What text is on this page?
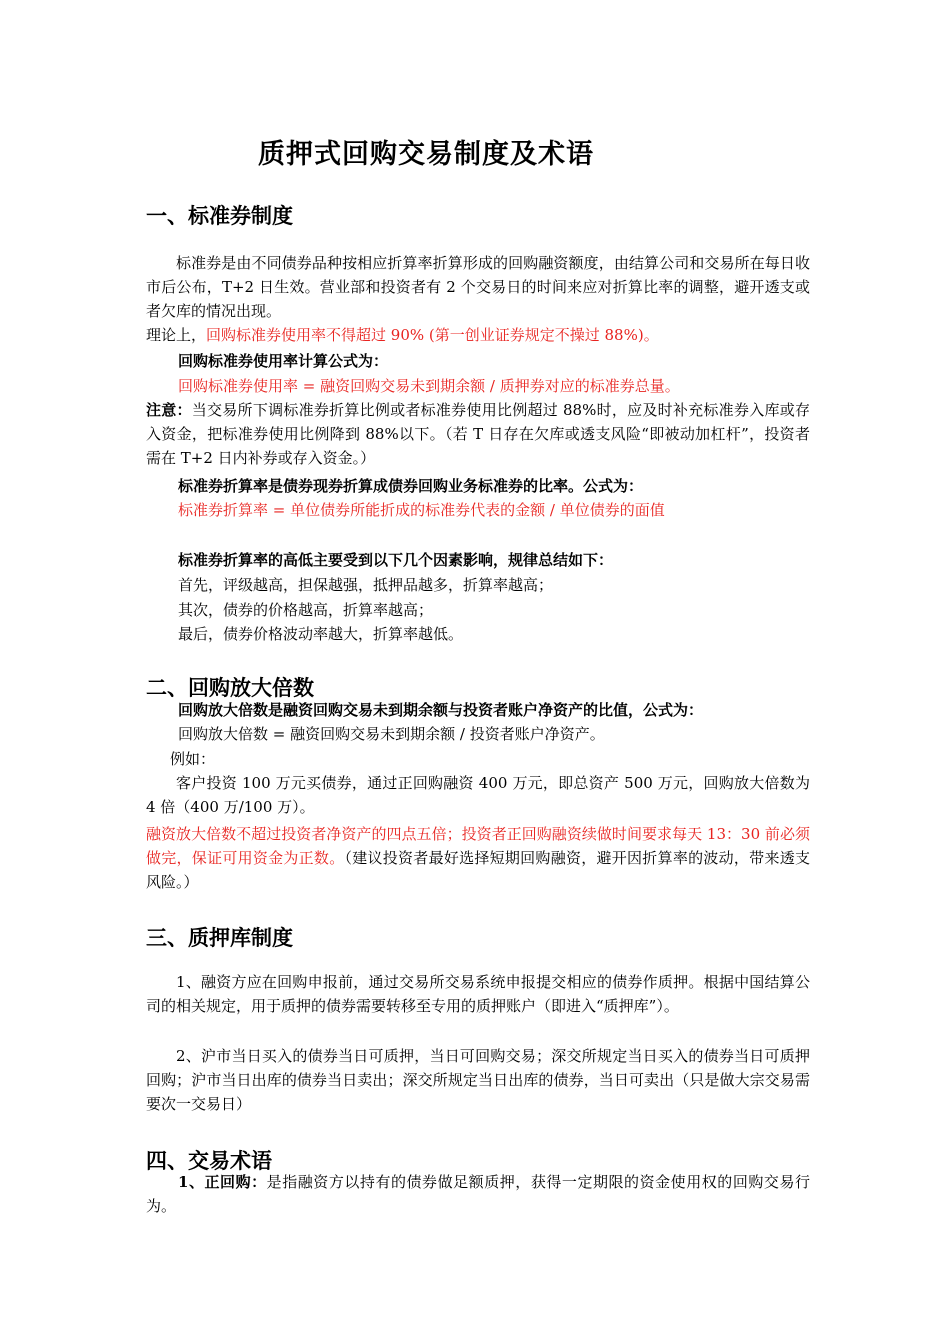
质押式回购交易制度及术语
一、标准券制度
标准券是由不同债券品种按相应折算率折算形成的回购融资额度，由结算公司和交易所在每日收市后公布，T+2 日生效。营业部和投资者有 2 个交易日的时间来应对折算比率的调整，避开透支或者欠库的情况出现。
理论上，回购标准券使用率不得超过 90% (第一创业证券规定不操过 88%)。
回购标准券使用率计算公式为：
回购标准券使用率 = 融资回购交易未到期余额 / 质押券对应的标准券总量。
注意：当交易所下调标准券折算比例或者标准券使用比例超过 88%时，应及时补充标准券入库或存入资金，把标准券使用比例降到 88%以下。（若 T 日存在欠库或透支风险“即被动加杠杆”，投资者需在 T+2 日内补券或存入资金。）
标准券折算率是债券现券折算成债券回购业务标准券的比率。公式为：
标准券折算率 = 单位债券所能折成的标准券代表的金额 / 单位债券的面值
标准券折算率的高低主要受到以下几个因素影响，规律总结如下：
首先，评级越高，担保越强，抵押品越多，折算率越高；
其次，债券的价格越高，折算率越高；
最后，债券价格波动率越大，折算率越低。
二、回购放大倍数
回购放大倍数是融资回购交易未到期余额与投资者账户净资产的比值，公式为：
回购放大倍数 = 融资回购交易未到期余额 / 投资者账户净资产。
例如：
客户投资 100 万元买债券，通过正回购融资 400 万元，即总资产 500 万元，回购放大倍数为 4 倍（400 万/100 万）。
融资放大倍数不超过投资者净资产的四点五倍；投资者正回购融资续做时间要求每天 13：30 前必须做完，保证可用资金为正数。（建议投资者最好选择短期回购融资，避开因折算率的波动，带来透支风险。）
三、质押库制度
1、融资方应在回购申报前，通过交易所交易系统申报提交相应的债券作质押。根据中国结算公司的相关规定，用于质押的债券需要转移至专用的质押账户（即进入“质押库”）。
2、沪市当日买入的债券当日可质押，当日可回购交易；深交所规定当日买入的债券当日可质押回购；沪市当日出库的债券当日卖出；深交所规定当日出库的债券，当日可卖出（只是做大宗交易需要次一交易日）
四、交易术语
1、正回购：是指融资方以持有的债券做足额质押，获得一定期限的资金使用权的回购交易行为。
